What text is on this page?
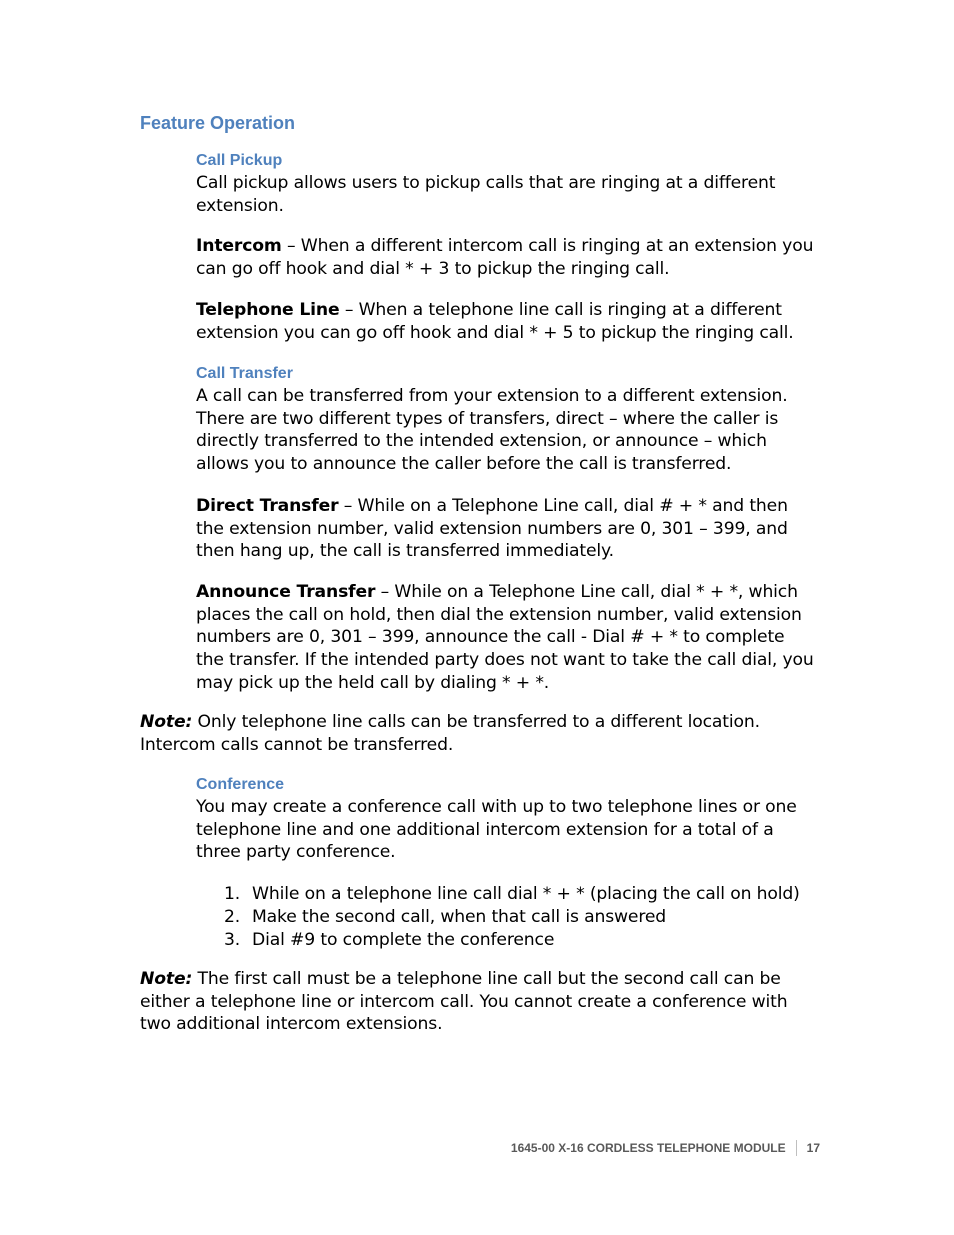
Feature Operation
Call Pickup

Call pickup allows users to pickup calls that are ringing at a different extension.

Intercom – When a different intercom call is ringing at an extension you can go off hook and dial * + 3 to pickup the ringing call.

Telephone Line – When a telephone line call is ringing at a different extension you can go off hook and dial * + 5 to pickup the ringing call.

Call Transfer

A call can be transferred from your extension to a different extension. There are two different types of transfers, direct – where the caller is directly transferred to the intended extension, or announce – which allows you to announce the caller before the call is transferred.

Direct Transfer – While on a Telephone Line call, dial # + * and then the extension number, valid extension numbers are 0, 301 – 399, and then hang up, the call is transferred immediately.

Announce Transfer – While on a Telephone Line call, dial * + *, which places the call on hold, then dial the extension number, valid extension numbers are 0, 301 – 399, announce the call - Dial # + * to complete the transfer. If the intended party does not want to take the call dial, you may pick up the held call by dialing * + *.

Note: Only telephone line calls can be transferred to a different location. Intercom calls cannot be transferred.

Conference

You may create a conference call with up to two telephone lines or one telephone line and one additional intercom extension for a total of a three party conference.

1. While on a telephone line call dial * + * (placing the call on hold)
2. Make the second call, when that call is answered
3. Dial #9 to complete the conference

Note: The first call must be a telephone line call but the second call can be either a telephone line or intercom call. You cannot create a conference with two additional intercom extensions.

1645-00 X-16 CORDLESS TELEPHONE MODULE 17
